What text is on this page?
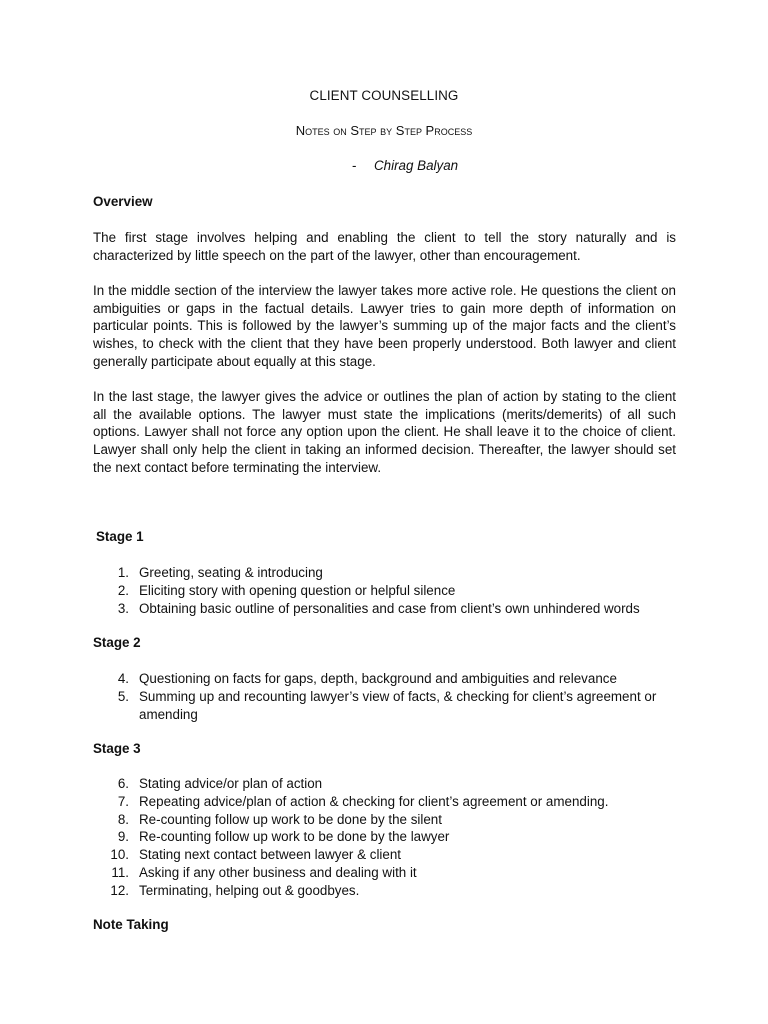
CLIENT COUNSELLING
Notes on Step by Step Process
- Chirag Balyan
Overview

The first stage involves helping and enabling the client to tell the story naturally and is characterized by little speech on the part of the lawyer, other than encouragement.

In the middle section of the interview the lawyer takes more active role. He questions the client on ambiguities or gaps in the factual details. Lawyer tries to gain more depth of information on particular points. This is followed by the lawyer’s summing up of the major facts and the client’s wishes, to check with the client that they have been properly understood. Both lawyer and client generally participate about equally at this stage.

In the last stage, the lawyer gives the advice or outlines the plan of action by stating to the client all the available options. The lawyer must state the implications (merits/demerits) of all such options. Lawyer shall not force any option upon the client. He shall leave it to the choice of client. Lawyer shall only help the client in taking an informed decision. Thereafter, the lawyer should set the next contact before terminating the interview.

Stage 1
1. Greeting, seating & introducing
2. Eliciting story with opening question or helpful silence
3. Obtaining basic outline of personalities and case from client’s own unhindered words
Stage 2
4. Questioning on facts for gaps, depth, background and ambiguities and relevance
5. Summing up and recounting lawyer’s view of facts, & checking for client’s agreement or amending
Stage 3
6. Stating advice/or plan of action
7. Repeating advice/plan of action & checking for client’s agreement or amending.
8. Re-counting follow up work to be done by the silent
9. Re-counting follow up work to be done by the lawyer
10. Stating next contact between lawyer & client
11. Asking if any other business and dealing with it
12. Terminating, helping out & goodbyes.
Note Taking
